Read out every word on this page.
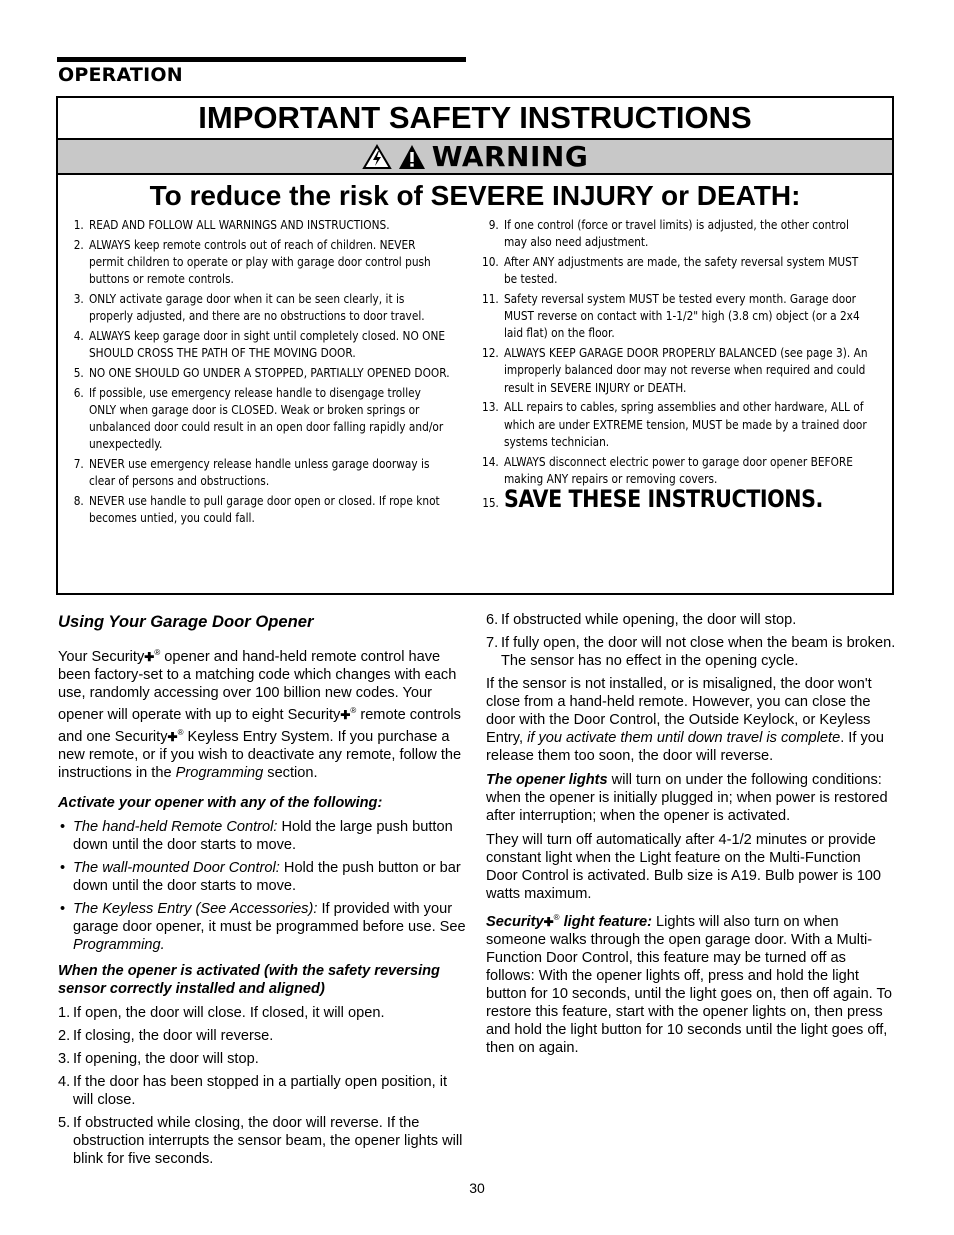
OPERATION
IMPORTANT SAFETY INSTRUCTIONS
WARNING
To reduce the risk of SEVERE INJURY or DEATH:
1. READ AND FOLLOW ALL WARNINGS AND INSTRUCTIONS.
2. ALWAYS keep remote controls out of reach of children. NEVER permit children to operate or play with garage door control push buttons or remote controls.
3. ONLY activate garage door when it can be seen clearly, it is properly adjusted, and there are no obstructions to door travel.
4. ALWAYS keep garage door in sight until completely closed. NO ONE SHOULD CROSS THE PATH OF THE MOVING DOOR.
5. NO ONE SHOULD GO UNDER A STOPPED, PARTIALLY OPENED DOOR.
6. If possible, use emergency release handle to disengage trolley ONLY when garage door is CLOSED. Weak or broken springs or unbalanced door could result in an open door falling rapidly and/or unexpectedly.
7. NEVER use emergency release handle unless garage doorway is clear of persons and obstructions.
8. NEVER use handle to pull garage door open or closed. If rope knot becomes untied, you could fall.
9. If one control (force or travel limits) is adjusted, the other control may also need adjustment.
10. After ANY adjustments are made, the safety reversal system MUST be tested.
11. Safety reversal system MUST be tested every month. Garage door MUST reverse on contact with 1-1/2" high (3.8 cm) object (or a 2x4 laid flat) on the floor.
12. ALWAYS KEEP GARAGE DOOR PROPERLY BALANCED (see page 3). An improperly balanced door may not reverse when required and could result in SEVERE INJURY or DEATH.
13. ALL repairs to cables, spring assemblies and other hardware, ALL of which are under EXTREME tension, MUST be made by a trained door systems technician.
14. ALWAYS disconnect electric power to garage door opener BEFORE making ANY repairs or removing covers.
15. SAVE THESE INSTRUCTIONS.
Using Your Garage Door Opener

Your Security✚® opener and hand-held remote control have been factory-set to a matching code which changes with each use, randomly accessing over 100 billion new codes. Your opener will operate with up to eight Security✚® remote controls and one Security✚® Keyless Entry System. If you purchase a new remote, or if you wish to deactivate any remote, follow the instructions in the Programming section.

Activate your opener with any of the following:

• The hand-held Remote Control: Hold the large push button down until the door starts to move.
• The wall-mounted Door Control: Hold the push button or bar down until the door starts to move.
• The Keyless Entry (See Accessories): If provided with your garage door opener, it must be programmed before use. See Programming.

When the opener is activated (with the safety reversing sensor correctly installed and aligned)

1. If open, the door will close. If closed, it will open.
2. If closing, the door will reverse.
3. If opening, the door will stop.
4. If the door has been stopped in a partially open position, it will close.
5. If obstructed while closing, the door will reverse. If the obstruction interrupts the sensor beam, the opener lights will blink for five seconds.
6. If obstructed while opening, the door will stop.
7. If fully open, the door will not close when the beam is broken. The sensor has no effect in the opening cycle.

If the sensor is not installed, or is misaligned, the door won't close from a hand-held remote. However, you can close the door with the Door Control, the Outside Keylock, or Keyless Entry, if you activate them until down travel is complete. If you release them too soon, the door will reverse.

The opener lights will turn on under the following conditions: when the opener is initially plugged in; when power is restored after interruption; when the opener is activated.

They will turn off automatically after 4-1/2 minutes or provide constant light when the Light feature on the Multi-Function Door Control is activated. Bulb size is A19. Bulb power is 100 watts maximum.

Security✚® light feature: Lights will also turn on when someone walks through the open garage door. With a Multi-Function Door Control, this feature may be turned off as follows: With the opener lights off, press and hold the light button for 10 seconds, until the light goes on, then off again. To restore this feature, start with the opener lights on, then press and hold the light button for 10 seconds until the light goes off, then on again.

30
